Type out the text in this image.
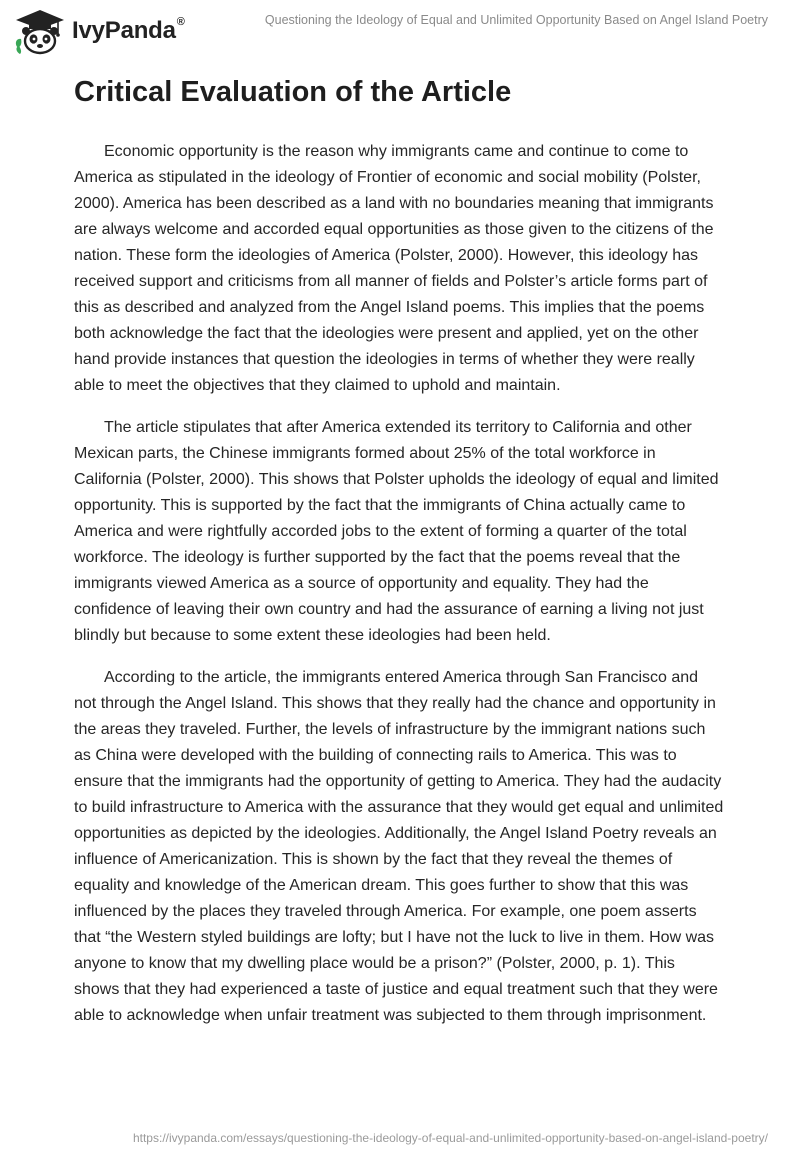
IvyPanda®	Questioning the Ideology of Equal and Unlimited Opportunity Based on Angel Island Poetry
Critical Evaluation of the Article

Economic opportunity is the reason why immigrants came and continue to come to America as stipulated in the ideology of Frontier of economic and social mobility (Polster, 2000). America has been described as a land with no boundaries meaning that immigrants are always welcome and accorded equal opportunities as those given to the citizens of the nation. These form the ideologies of America (Polster, 2000). However, this ideology has received support and criticisms from all manner of fields and Polster’s article forms part of this as described and analyzed from the Angel Island poems. This implies that the poems both acknowledge the fact that the ideologies were present and applied, yet on the other hand provide instances that question the ideologies in terms of whether they were really able to meet the objectives that they claimed to uphold and maintain.

The article stipulates that after America extended its territory to California and other Mexican parts, the Chinese immigrants formed about 25% of the total workforce in California (Polster, 2000). This shows that Polster upholds the ideology of equal and limited opportunity. This is supported by the fact that the immigrants of China actually came to America and were rightfully accorded jobs to the extent of forming a quarter of the total workforce. The ideology is further supported by the fact that the poems reveal that the immigrants viewed America as a source of opportunity and equality. They had the confidence of leaving their own country and had the assurance of earning a living not just blindly but because to some extent these ideologies had been held.

According to the article, the immigrants entered America through San Francisco and not through the Angel Island. This shows that they really had the chance and opportunity in the areas they traveled. Further, the levels of infrastructure by the immigrant nations such as China were developed with the building of connecting rails to America. This was to ensure that the immigrants had the opportunity of getting to America. They had the audacity to build infrastructure to America with the assurance that they would get equal and unlimited opportunities as depicted by the ideologies. Additionally, the Angel Island Poetry reveals an influence of Americanization. This is shown by the fact that they reveal the themes of equality and knowledge of the American dream. This goes further to show that this was influenced by the places they traveled through America. For example, one poem asserts that “the Western styled buildings are lofty; but I have not the luck to live in them. How was anyone to know that my dwelling place would be a prison?” (Polster, 2000, p. 1). This shows that they had experienced a taste of justice and equal treatment such that they were able to acknowledge when unfair treatment was subjected to them through imprisonment.

https://ivypanda.com/essays/questioning-the-ideology-of-equal-and-unlimited-opportunity-based-on-angel-island-poetry/
